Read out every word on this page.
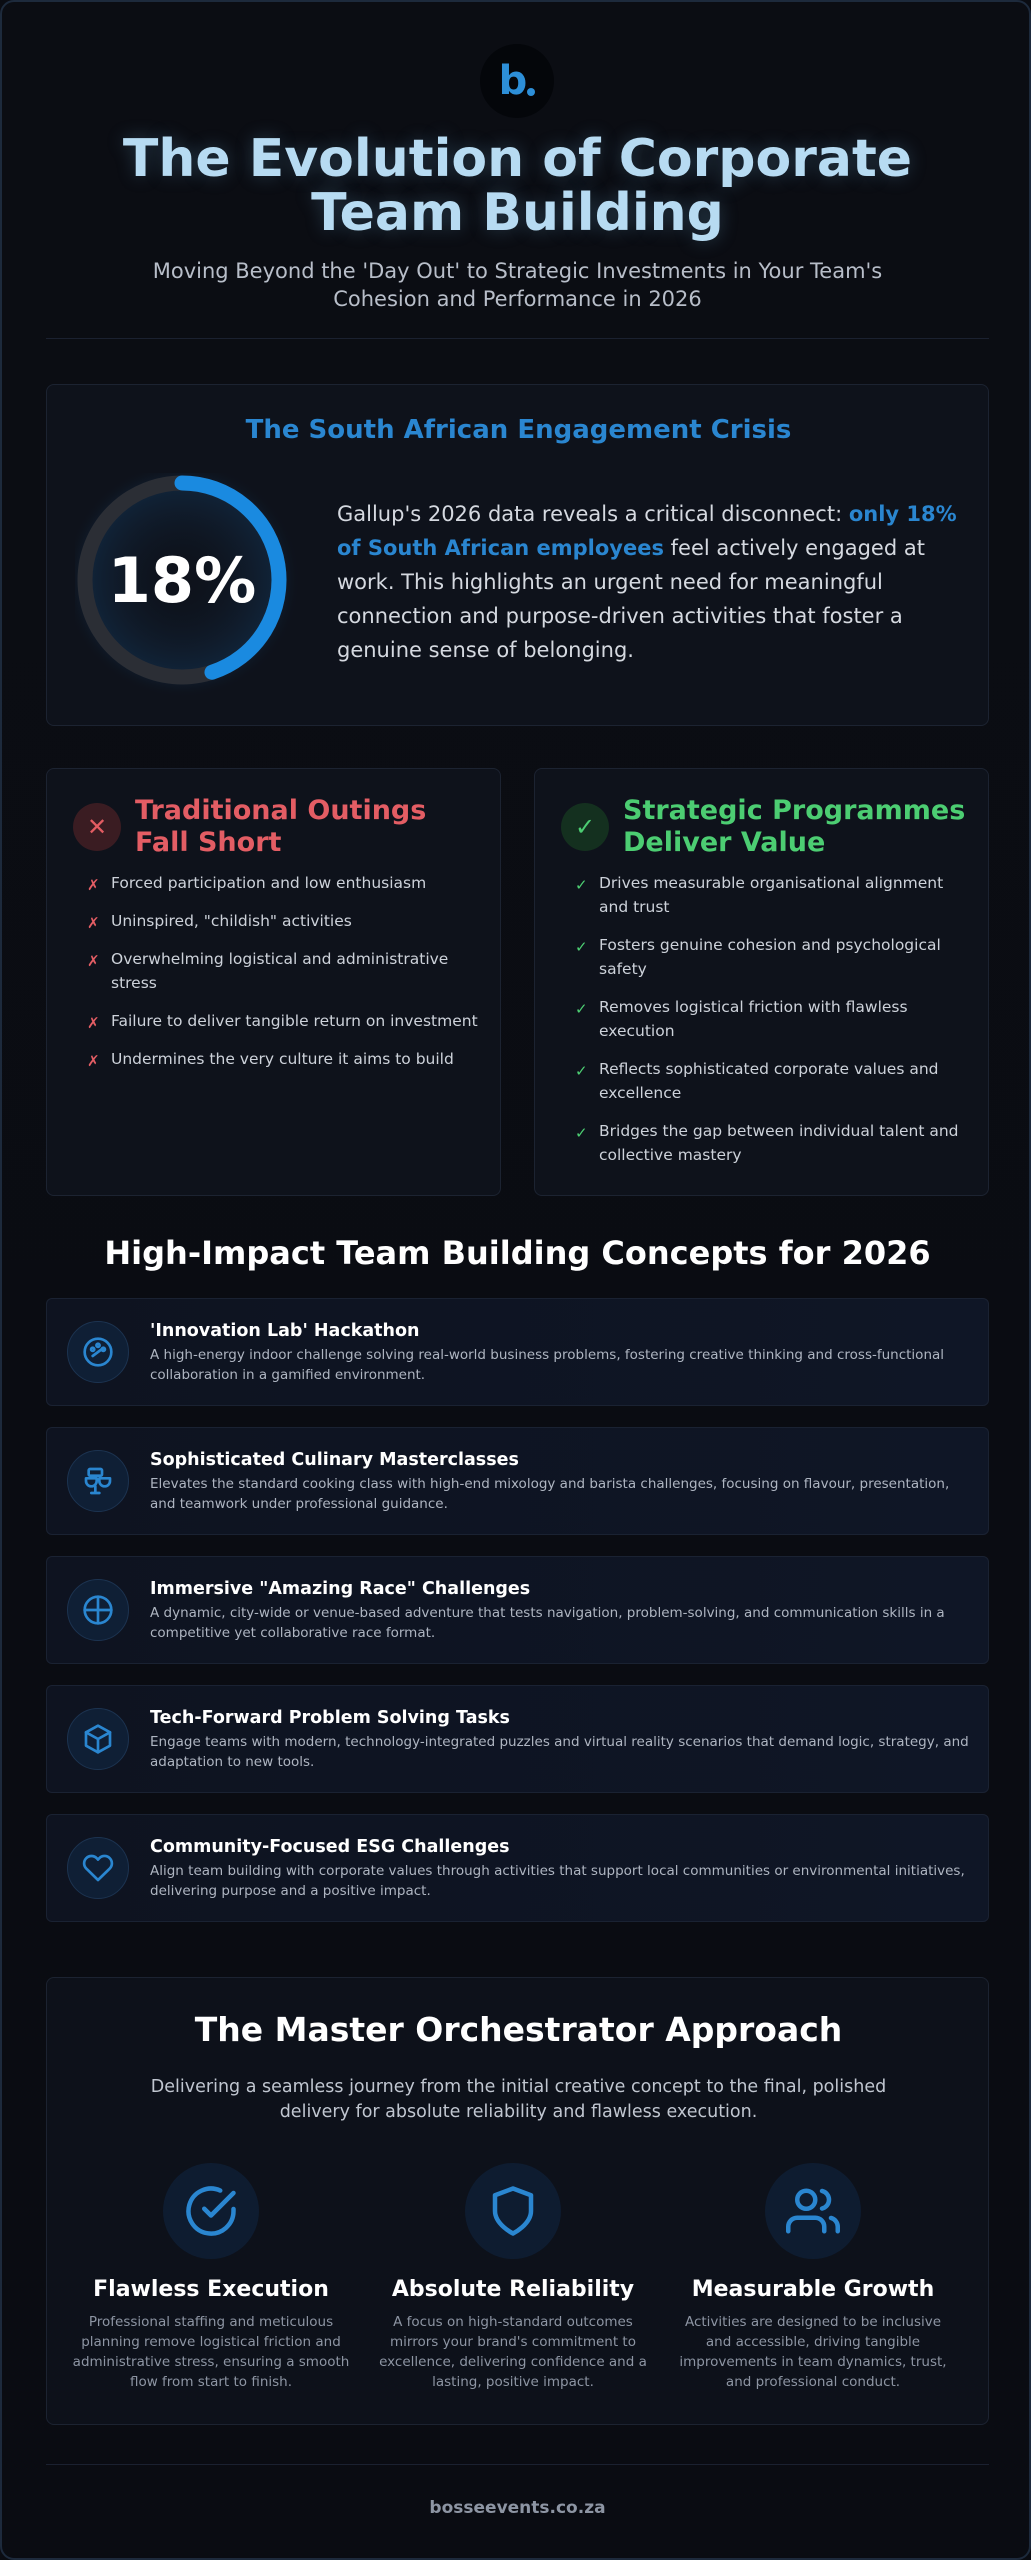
b
The Evolution of Corporate Team Building

Moving Beyond the 'Day Out' to Strategic Investments in Your Team's Cohesion and Performance in 2026

The South African Engagement Crisis
18%

Gallup's 2026 data reveals a critical disconnect: only 18% of South African employees feel actively engaged at work. This highlights an urgent need for meaningful connection and purpose-driven activities that foster a genuine sense of belonging.

✕
Traditional Outings Fall Short
✗ Forced participation and low enthusiasm
✗ Uninspired, "childish" activities
✗ Overwhelming logistical and administrative stress
✗ Failure to deliver tangible return on investment
✗ Undermines the very culture it aims to build
✓
Strategic Programmes Deliver Value
✓ Drives measurable organisational alignment and trust
✓ Fosters genuine cohesion and psychological safety
✓ Removes logistical friction with flawless execution
✓ Reflects sophisticated corporate values and excellence
✓ Bridges the gap between individual talent and collective mastery
High-Impact Team Building Concepts for 2026
'Innovation Lab' Hackathon
A high-energy indoor challenge solving real-world business problems, fostering creative thinking and cross-functional collaboration in a gamified environment.
Sophisticated Culinary Masterclasses
Elevates the standard cooking class with high-end mixology and barista challenges, focusing on flavour, presentation, and teamwork under professional guidance.
Immersive "Amazing Race" Challenges
A dynamic, city-wide or venue-based adventure that tests navigation, problem-solving, and communication skills in a competitive yet collaborative race format.
Tech-Forward Problem Solving Tasks
Engage teams with modern, technology-integrated puzzles and virtual reality scenarios that demand logic, strategy, and adaptation to new tools.
Community-Focused ESG Challenges
Align team building with corporate values through activities that support local communities or environmental initiatives, delivering purpose and a positive impact.
The Master Orchestrator Approach

Delivering a seamless journey from the initial creative concept to the final, polished delivery for absolute reliability and flawless execution.

Flawless Execution
Professional staffing and meticulous planning remove logistical friction and administrative stress, ensuring a smooth flow from start to finish.
Absolute Reliability
A focus on high-standard outcomes mirrors your brand's commitment to excellence, delivering confidence and a lasting, positive impact.
Measurable Growth
Activities are designed to be inclusive and accessible, driving tangible improvements in team dynamics, trust, and professional conduct.
bosseevents.co.za
